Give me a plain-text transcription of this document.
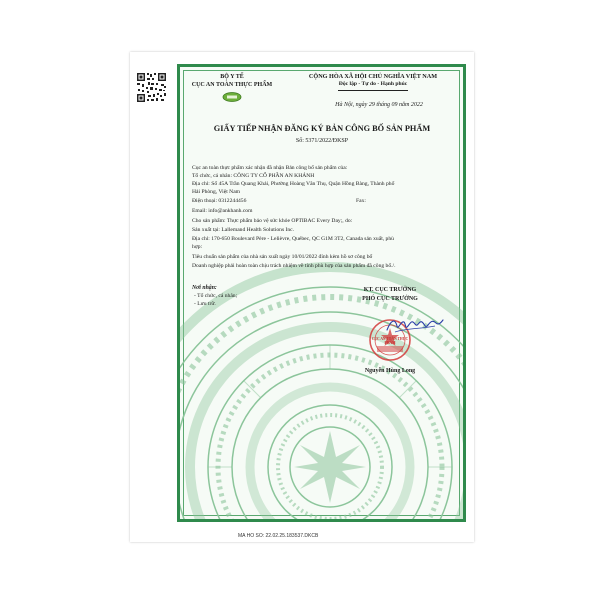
BỘ Y TẾ
CỤC AN TOÀN THỰC PHẨM
CỘNG HÒA XÃ HỘI CHỦ NGHĨA VIỆT NAM
Độc lập - Tự do - Hạnh phúc
Hà Nội, ngày 29 tháng 09 năm 2022
GIẤY TIẾP NHẬN ĐĂNG KÝ BẢN CÔNG BỐ SẢN PHẨM
Số: 5371/2022/ĐKSP
Cục an toàn thực phẩm xác nhận đã nhận Bản công bố sản phẩm của:
Tổ chức, cá nhân: CÔNG TY CỔ PHẦN AN KHÁNH
Địa chỉ: Số 45A Trần Quang Khải, Phường Hoàng Văn Thụ, Quận Hồng Bàng, Thành phố
Hải Phòng, Việt Nam
Điện thoại: 0312244456	Fax:
Email: info@ankhanh.com
Cho sản phẩm: Thực phẩm bảo vệ sức khỏe OPTIBAC Every Day;, do:
Sản xuất tại: Lallemand Health Solutions Inc.
Địa chỉ: 170-650 Boulevard Père - Lelièvre, Québec, QC G1M 3T2, Canada sản xuất, phù
hợp:
Tiêu chuẩn sản phẩm của nhà sản xuất ngày 10/01/2022 đính kèm hồ sơ công bố
Doanh nghiệp phải hoàn toàn chịu trách nhiệm về tính phù hợp của sản phẩm đã công bố./.
Nơi nhận:
- Tổ chức, cá nhân;
- Lưu trữ.
KT. CỤC TRƯỞNG
PHÓ CỤC TRƯỞNG
CỤC AN TOÀN THỰC PHẨM
Nguyễn Hùng Long
MA HO SO: 22.02.25.183537.DKCB
